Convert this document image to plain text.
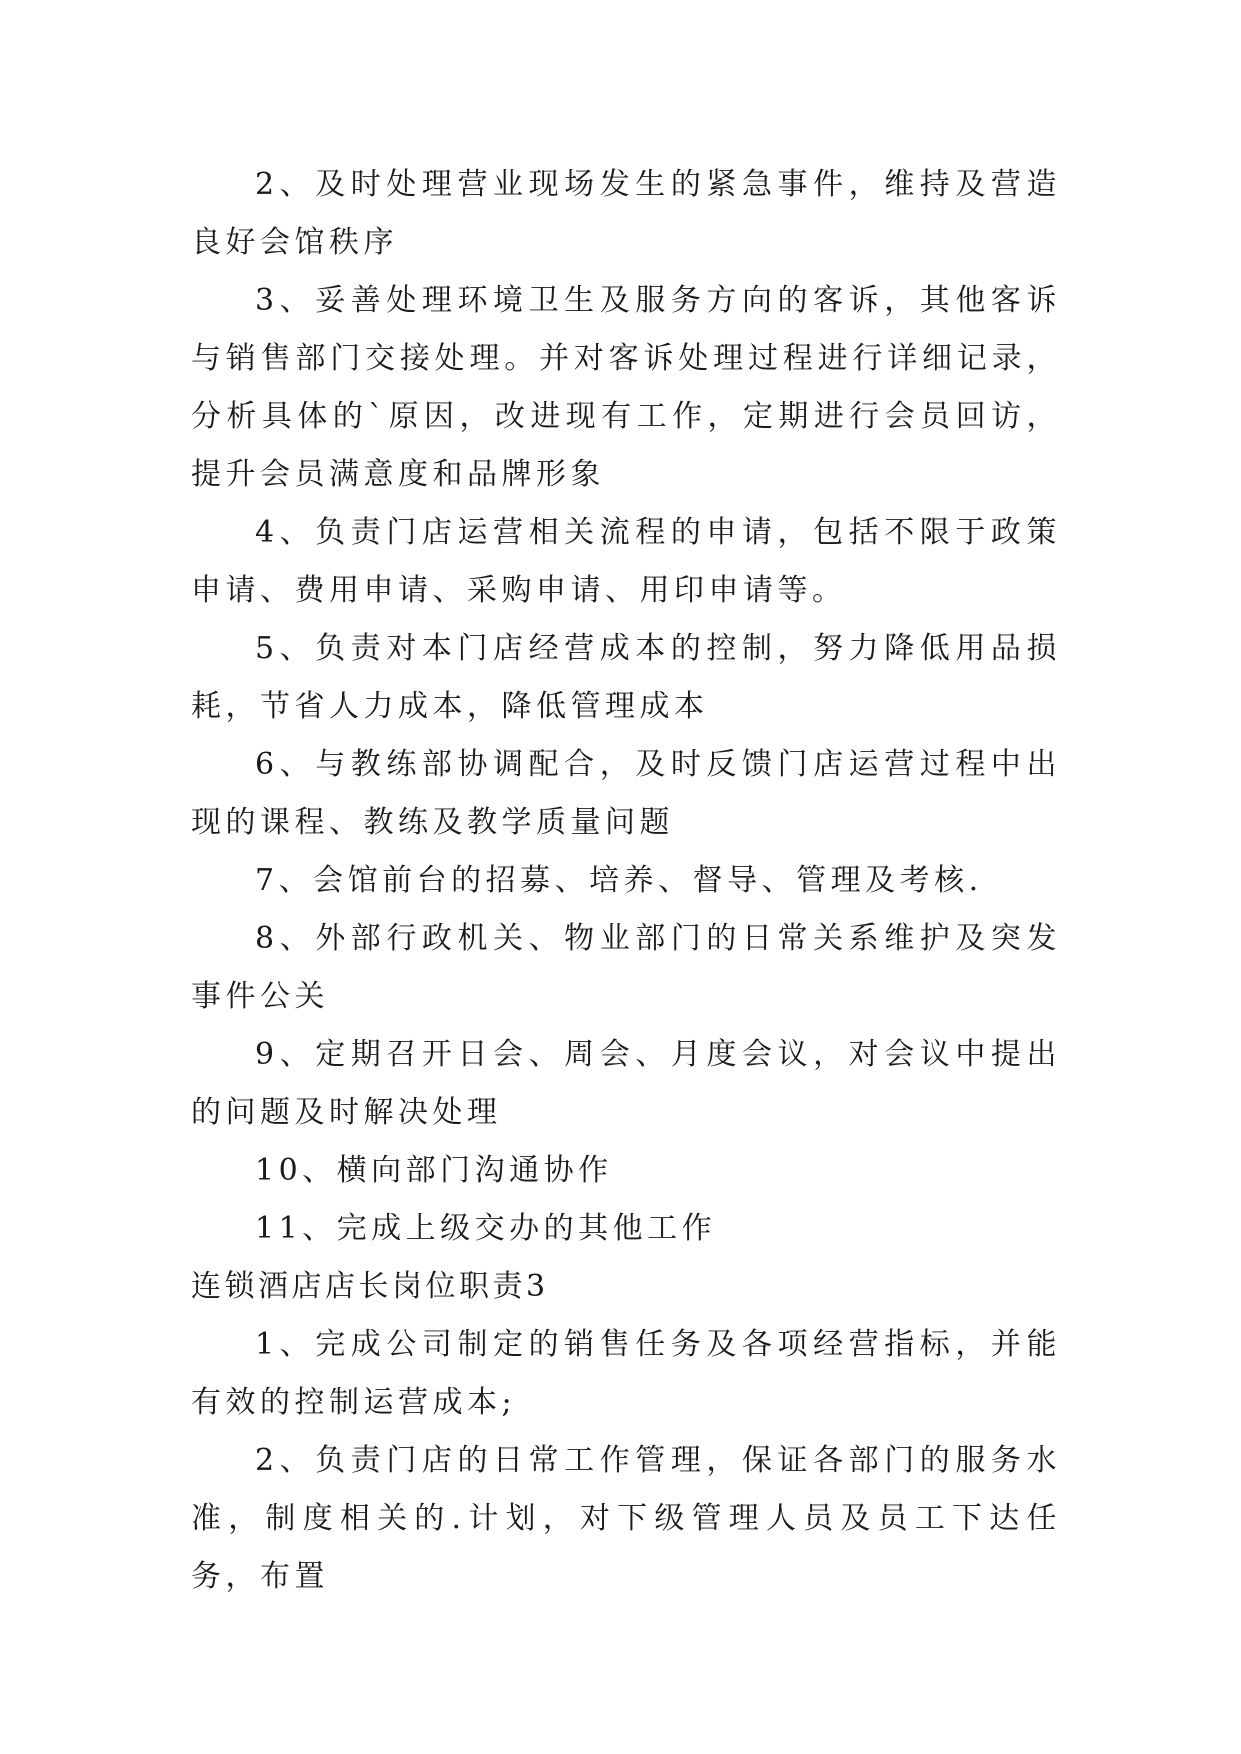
2、及时处理营业现场发生的紧急事件，维持及营造良好会馆秩序

3、妥善处理环境卫生及服务方向的客诉，其他客诉与销售部门交接处理。并对客诉处理过程进行详细记录，分析具体的`原因，改进现有工作，定期进行会员回访，提升会员满意度和品牌形象

4、负责门店运营相关流程的申请，包括不限于政策申请、费用申请、采购申请、用印申请等。

5、负责对本门店经营成本的控制，努力降低用品损耗，节省人力成本，降低管理成本

6、与教练部协调配合，及时反馈门店运营过程中出现的课程、教练及教学质量问题

7、会馆前台的招募、培养、督导、管理及考核.

8、外部行政机关、物业部门的日常关系维护及突发事件公关

9、定期召开日会、周会、月度会议，对会议中提出的问题及时解决处理

10、横向部门沟通协作

11、完成上级交办的其他工作

连锁酒店店长岗位职责3

1、完成公司制定的销售任务及各项经营指标，并能有效的控制运营成本;

2、负责门店的日常工作管理，保证各部门的服务水准，制度相关的.计划，对下级管理人员及员工下达任务，布置
